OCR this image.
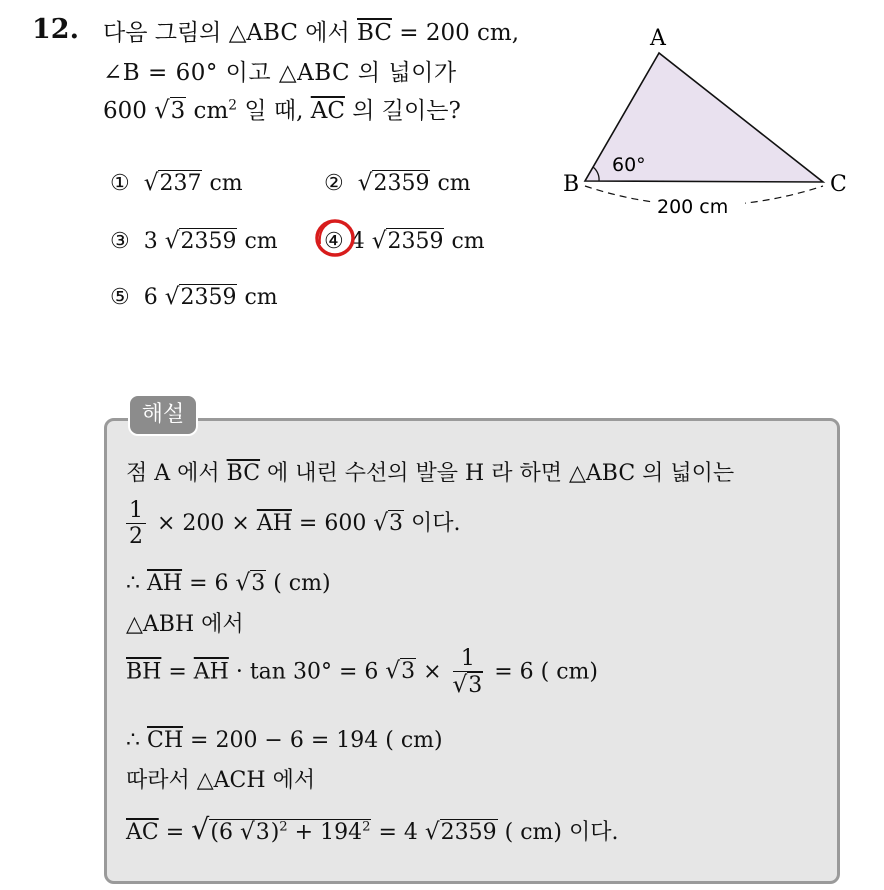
12. 다음 그림의 △ABC 에서 $\overline{BC} = 200$ cm,
∠B = 60° 이고 △ABC 의 넓이가
600 √3 $cm^2$ 일 때, $\overline{AC}$ 의 길이는?
① √237 cm	② √2359 cm
③ 3 √2359 cm ④ 4 √2359 cm
⑤ 6 √2359 cm
A
B	C
60°
200 cm
해설
점 A 에서 $\overline{BC}$ 에 내린 수선의 발을 H 라 하면 △ABC 의 넓이는
$\frac{1}{2} \times 200 \times \overline{AH} = 600$ √3 이다.
∴ $\overline{AH} = 6$ √3 ( cm)
△ABH 에서
$\overline{BH} = \overline{AH} \cdot \tan 30^\circ = 6$ $√3 \times \frac{1}{√3} = 6$ ( cm)
∴ $\overline{CH} = 200 - 6 = 194$ ( cm)
따라서 △ACH 에서
$\overline{AC} = √(6$ $√3)^2 + 194^2 = 4$ √2359 ( cm) 이다.
